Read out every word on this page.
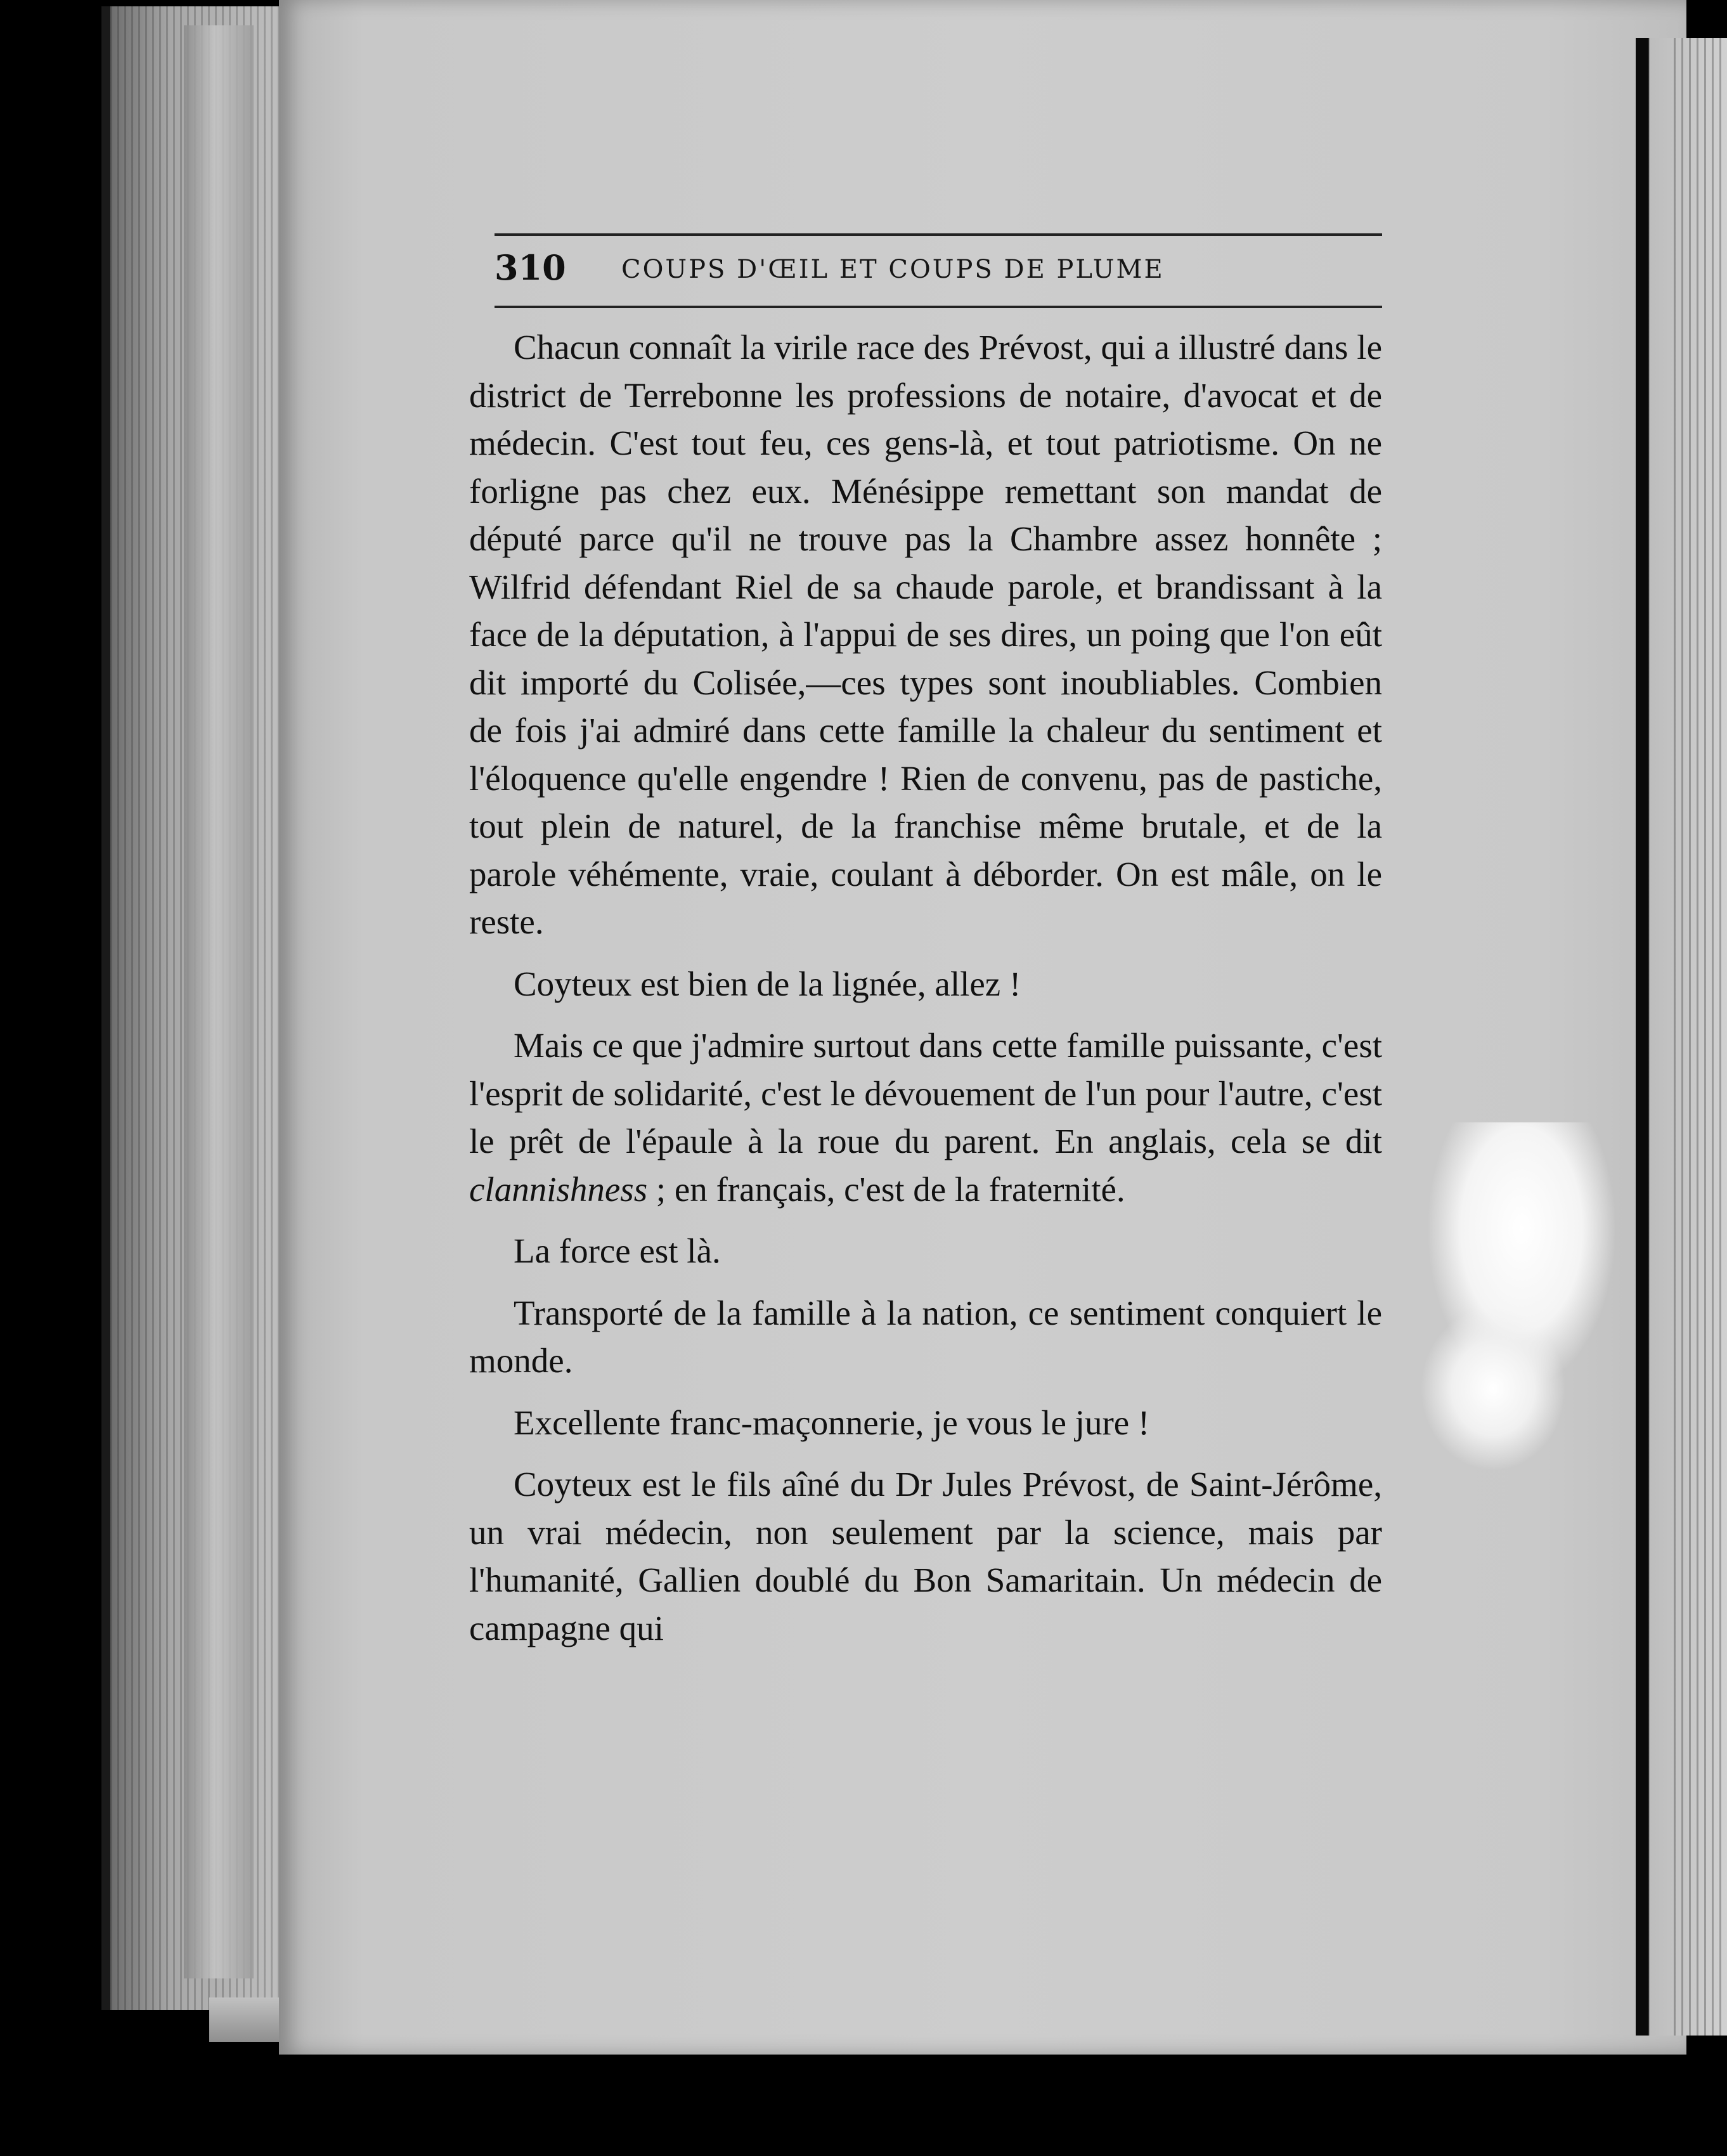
310 COUPS D'ŒIL ET COUPS DE PLUME

Chacun connaît la virile race des Prévost, qui a illustré dans le district de Terrebonne les professions de notaire, d'avocat et de médecin. C'est tout feu, ces gens-là, et tout patriotisme. On ne forligne pas chez eux. Ménésippe remettant son mandat de député parce qu'il ne trouve pas la Chambre assez honnête ; Wilfrid défendant Riel de sa chaude parole, et brandissant à la face de la députation, à l'appui de ses dires, un poing que l'on eût dit importé du Colisée,—ces types sont inoubliables. Combien de fois j'ai admiré dans cette famille la chaleur du sentiment et l'éloquence qu'elle engendre ! Rien de convenu, pas de pastiche, tout plein de naturel, de la franchise même brutale, et de la parole véhémente, vraie, coulant à déborder. On est mâle, on le reste.

Coyteux est bien de la lignée, allez !

Mais ce que j'admire surtout dans cette famille puissante, c'est l'esprit de solidarité, c'est le dévouement de l'un pour l'autre, c'est le prêt de l'épaule à la roue du parent. En anglais, cela se dit clannishness ; en français, c'est de la fraternité.

La force est là.

Transporté de la famille à la nation, ce sentiment conquiert le monde.

Excellente franc-maçonnerie, je vous le jure !

Coyteux est le fils aîné du Dr Jules Prévost, de Saint-Jérôme, un vrai médecin, non seulement par la science, mais par l'humanité, Gallien doublé du Bon Samaritain. Un médecin de campagne qui
